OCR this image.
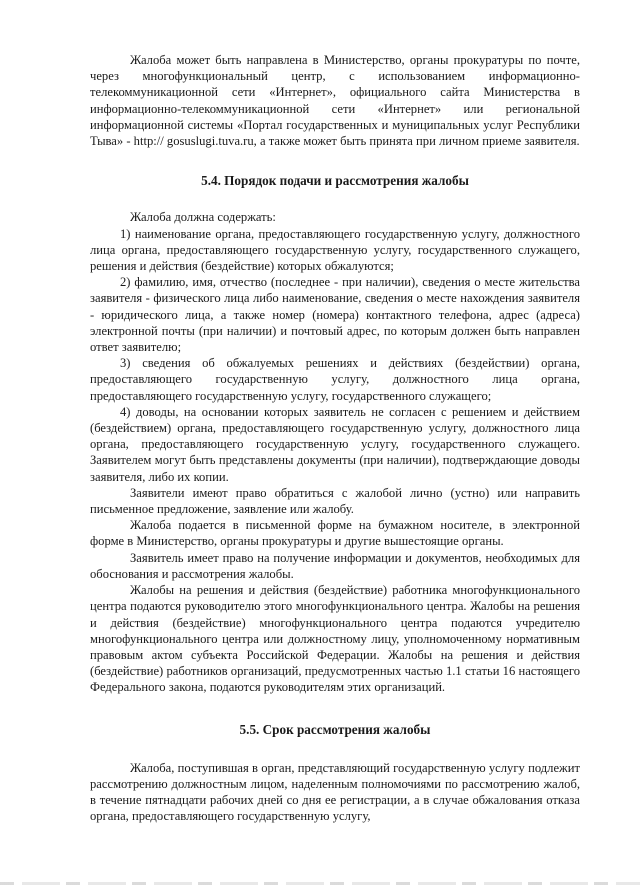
Жалоба может быть направлена в Министерство, органы прокуратуры по почте, через многофункциональный центр, с использованием информационно-телекоммуникационной сети «Интернет», официального сайта Министерства в информационно-телекоммуникационной сети «Интернет» или региональной информационной системы «Портал государственных и муниципальных услуг Республики Тыва» - http:// gosuslugi.tuva.ru, а также может быть принята при личном приеме заявителя.

5.4. Порядок подачи и рассмотрения жалобы

Жалоба должна содержать:

1) наименование органа, предоставляющего государственную услугу, должностного лица органа, предоставляющего государственную услугу, государственного служащего, решения и действия (бездействие) которых обжалуются;

2) фамилию, имя, отчество (последнее - при наличии), сведения о месте жительства заявителя - физического лица либо наименование, сведения о месте нахождения заявителя - юридического лица, а также номер (номера) контактного телефона, адрес (адреса) электронной почты (при наличии) и почтовый адрес, по которым должен быть направлен ответ заявителю;

3) сведения об обжалуемых решениях и действиях (бездействии) органа, предоставляющего государственную услугу, должностного лица органа, предоставляющего государственную услугу, государственного служащего;

4) доводы, на основании которых заявитель не согласен с решением и действием (бездействием) органа, предоставляющего государственную услугу, должностного лица органа, предоставляющего государственную услугу, государственного служащего. Заявителем могут быть представлены документы (при наличии), подтверждающие доводы заявителя, либо их копии.

Заявители имеют право обратиться с жалобой лично (устно) или направить письменное предложение, заявление или жалобу.

Жалоба подается в письменной форме на бумажном носителе, в электронной форме в Министерство, органы прокуратуры и другие вышестоящие органы.

Заявитель имеет право на получение информации и документов, необходимых для обоснования и рассмотрения жалобы.

Жалобы на решения и действия (бездействие) работника многофункционального центра подаются руководителю этого многофункционального центра. Жалобы на решения и действия (бездействие) многофункционального центра подаются учредителю многофункционального центра или должностному лицу, уполномоченному нормативным правовым актом субъекта Российской Федерации. Жалобы на решения и действия (бездействие) работников организаций, предусмотренных частью 1.1 статьи 16 настоящего Федерального закона, подаются руководителям этих организаций.

5.5. Срок рассмотрения жалобы

Жалоба, поступившая в орган, представляющий государственную услугу подлежит рассмотрению должностным лицом, наделенным полномочиями по рассмотрению жалоб, в течение пятнадцати рабочих дней со дня ее регистрации, а в случае обжалования отказа органа, предоставляющего государственную услугу,
